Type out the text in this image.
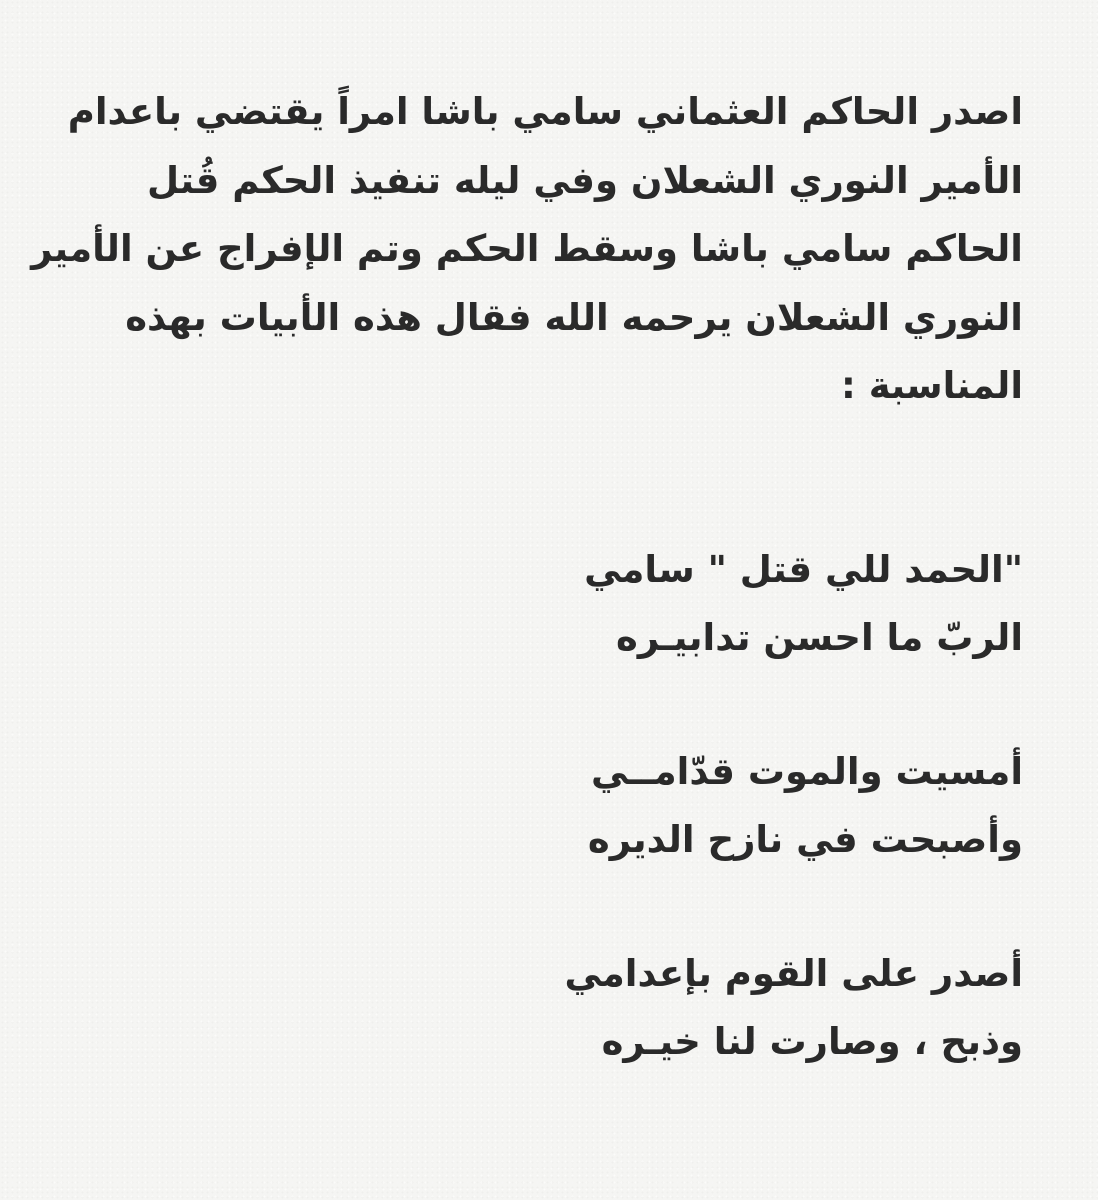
اصدر الحاكم العثماني سامي باشا امراً يقتضي باعدام
الأمير النوري الشعلان وفي ليله تنفيذ الحكم قُتل
الحاكم سامي باشا وسقط الحكم وتم الإفراج عن الأمير
النوري الشعلان يرحمه الله فقال هذه الأبيات بهذه
المناسبة :

"الحمد للي قتل " سامي
الربّ ما احسن تدابيـره

أمسيت والموت قدّامــي
وأصبحت في نازح الديره

أصدر على القوم بإعدامي
وذبح ، وصارت لنا خيـره
